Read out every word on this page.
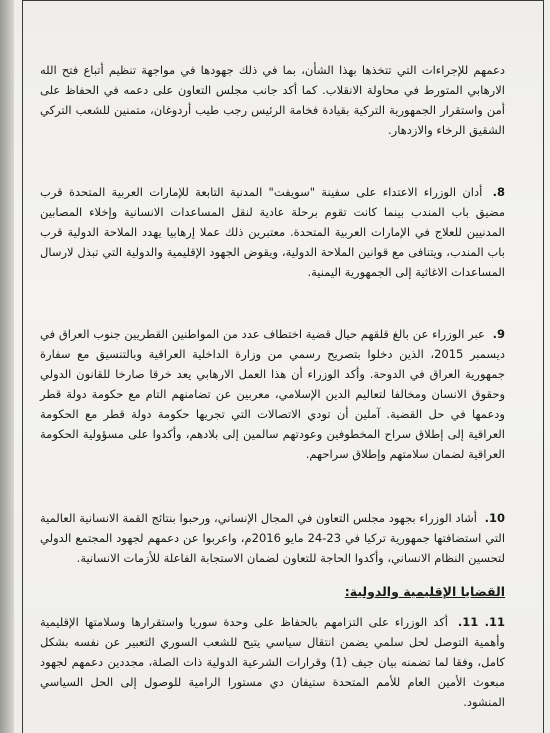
دعمهم للإجراءات التي تتخذها بهذا الشأن، بما في ذلك جهودها في مواجهة تنظيم أتباع فتح الله الارهابي المتورط في محاولة الانقلاب. كما أكد جانب مجلس التعاون على دعمه في الحفاظ على أمن واستقرار الجمهورية التركية بقيادة فخامة الرئيس رجب طيب أردوغان، متمنين للشعب التركي الشقيق الرخاء والازدهار.

8. أدان الوزراء الاعتداء على سفينة "سويفت" المدنية التابعة للإمارات العربية المتحدة قرب مضيق باب المندب بينما كانت تقوم برحلة عادية لنقل المساعدات الانسانية وإخلاء المصابين المدنيين للعلاج في الإمارات العربية المتحدة. معتبرين ذلك عملا إرهابيا يهدد الملاحة الدولية قرب باب المندب، ويتنافى مع قوانين الملاحة الدولية، ويقوض الجهود الإقليمية والدولية التي تبذل لارسال المساعدات الاغاثية إلى الجمهورية اليمنية.

9. عبر الوزراء عن بالغ قلقهم حيال قضية اختطاف عدد من المواطنين القطريين جنوب العراق في ديسمبر 2015، الذين دخلوا بتصريح رسمي من وزارة الداخلية العراقية وبالتنسيق مع سفارة جمهورية العراق في الدوحة. وأكد الوزراء أن هذا العمل الارهابي يعد خرقا صارخا للقانون الدولي وحقوق الانسان ومخالفا لتعاليم الدين الإسلامي، معربين عن تضامنهم التام مع حكومة دولة قطر ودعمها في حل القضية. آملين أن تودي الاتصالات التي تجريها حكومة دولة قطر مع الحكومة العراقية إلى إطلاق سراح المخطوفين وعودتهم سالمين إلى بلادهم، وأكدوا على مسؤولية الحكومة العراقية لضمان سلامتهم وإطلاق سراحهم.

10. أشاد الوزراء بجهود مجلس التعاون في المجال الإنساني، ورحبوا بنتائج القمة الانسانية العالمية التي استضافتها جمهورية تركيا في 23-24 مايو 2016م، واعربوا عن دعمهم لجهود المجتمع الدولي لتحسين النظام الانساني، وأكدوا الحاجة للتعاون لضمان الاستجابة الفاعلة للأزمات الانسانية.

القضايا الإقليمية والدولية:

11. 11. أكد الوزراء على التزامهم بالحفاظ على وحدة سوريا واستقرارها وسلامتها الإقليمية وأهمية التوصل لحل سلمي يضمن انتقال سياسي يتيح للشعب السوري التعبير عن نفسه بشكل كامل، وفقا لما تضمنه بيان جيف (1) وقرارات الشرعية الدولية ذات الصلة، مجددين دعمهم لجهود مبعوث الأمين العام للأمم المتحدة ستيفان دي مستورا الرامية للوصول إلى الحل السياسي المنشود.
